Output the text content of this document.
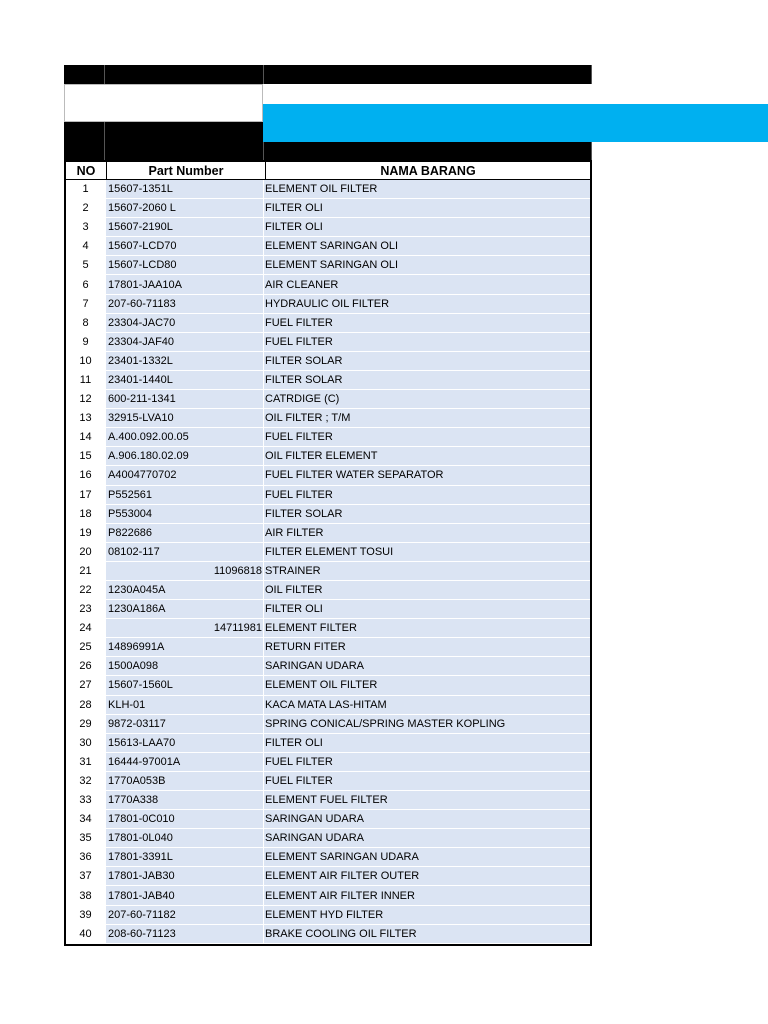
NO	Part Number	NAMA BARANG
1	15607-1351L	ELEMENT OIL FILTER
2	15607-2060 L	FILTER OLI
3	15607-2190L	FILTER OLI
4	15607-LCD70	ELEMENT SARINGAN OLI
5	15607-LCD80	ELEMENT SARINGAN OLI
6	17801-JAA10A	AIR CLEANER
7	207-60-71183	HYDRAULIC OIL FILTER
8	23304-JAC70	FUEL FILTER
9	23304-JAF40	FUEL FILTER
10	23401-1332L	FILTER SOLAR
11	23401-1440L	FILTER SOLAR
12	600-211-1341	CATRDIGE (C)
13	32915-LVA10	OIL FILTER ; T/M
14	A.400.092.00.05	FUEL FILTER
15	A.906.180.02.09	OIL FILTER ELEMENT
16	A4004770702	FUEL FILTER WATER SEPARATOR
17	P552561	FUEL FILTER
18	P553004	FILTER SOLAR
19	P822686	AIR FILTER
20	08102-117	FILTER ELEMENT TOSUI
21	11096818 STRAINER
22	1230A045A	OIL FILTER
23	1230A186A	FILTER OLI
24	14711981 ELEMENT FILTER
25	14896991A	RETURN FITER
26	1500A098	SARINGAN UDARA
27	15607-1560L	ELEMENT OIL FILTER
28	KLH-01	KACA MATA LAS-HITAM
29	9872-03117	SPRING CONICAL/SPRING MASTER KOPLING
30	15613-LAA70	FILTER OLI
31	16444-97001A	FUEL FILTER
32	1770A053B	FUEL FILTER
33	1770A338	ELEMENT FUEL FILTER
34	17801-0C010	SARINGAN UDARA
35	17801-0L040	SARINGAN UDARA
36	17801-3391L	ELEMENT SARINGAN UDARA
37	17801-JAB30	ELEMENT AIR FILTER OUTER
38	17801-JAB40	ELEMENT AIR FILTER INNER
39	207-60-71182	ELEMENT HYD FILTER
40	208-60-71123	BRAKE COOLING OIL FILTER
